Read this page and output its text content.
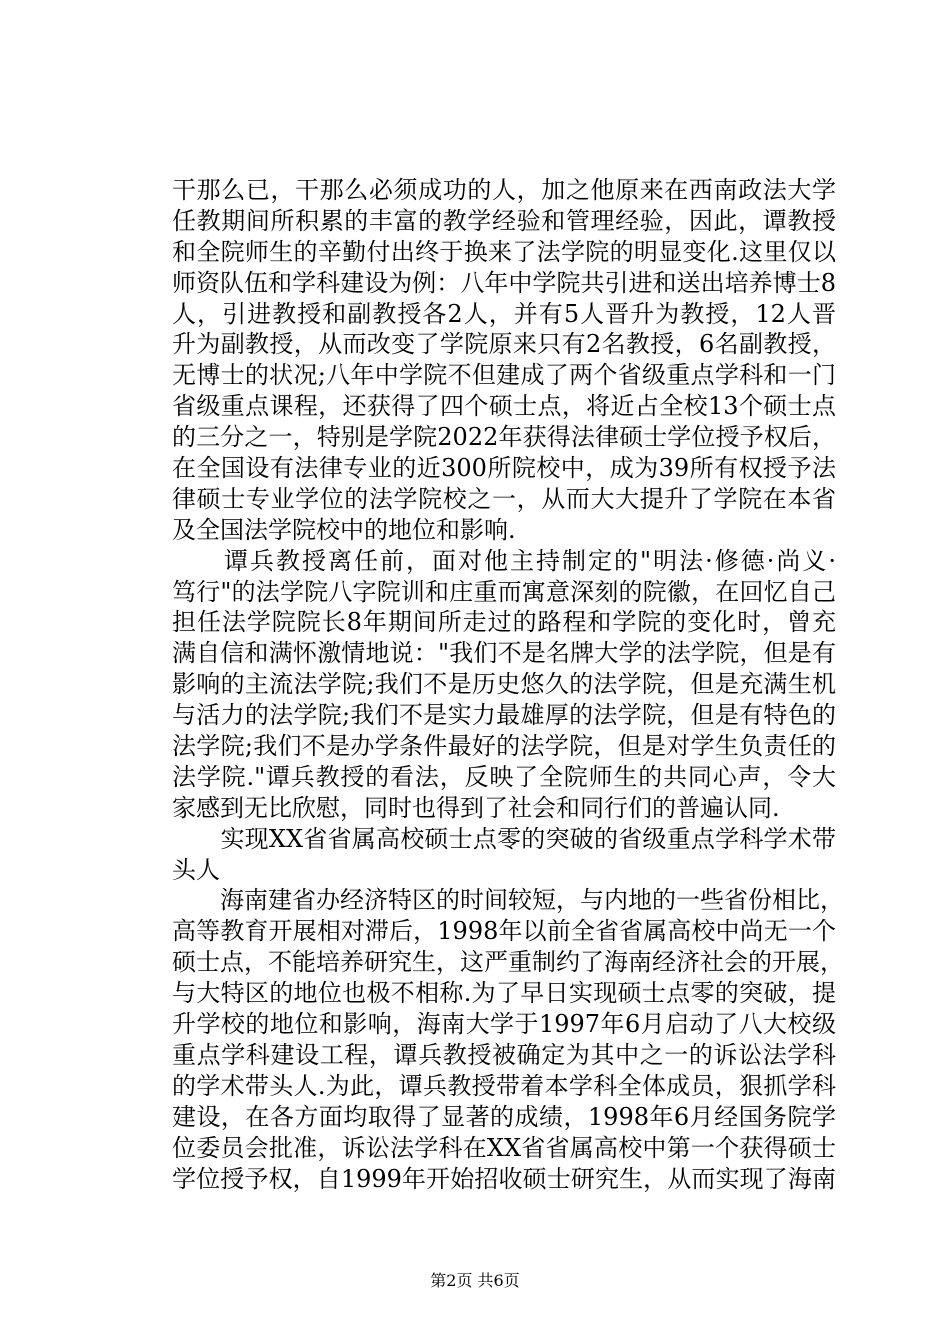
干那么已，干那么必须成功的人，加之他原来在西南政法大学
任教期间所积累的丰富的教学经验和管理经验，因此，谭教授
和全院师生的辛勤付出终于换来了法学院的明显变化.这里仅以
师资队伍和学科建设为例：八年中学院共引进和送出培养博士8
人，引进教授和副教授各2人，并有5人晋升为教授，12人晋
升为副教授，从而改变了学院原来只有2名教授，6名副教授，
无博士的状况;八年中学院不但建成了两个省级重点学科和一门
省级重点课程，还获得了四个硕士点，将近占全校13个硕士点
的三分之一，特别是学院2022年获得法律硕士学位授予权后，
在全国设有法律专业的近300所院校中，成为39所有权授予法
律硕士专业学位的法学院校之一，从而大大提升了学院在本省
及全国法学院校中的地位和影响.
　　谭兵教授离任前，面对他主持制定的"明法·修德·尚义·
笃行"的法学院八字院训和庄重而寓意深刻的院徽，在回忆自己
担任法学院院长8年期间所走过的路程和学院的变化时，曾充
满自信和满怀激情地说："我们不是名牌大学的法学院，但是有
影响的主流法学院;我们不是历史悠久的法学院，但是充满生机
与活力的法学院;我们不是实力最雄厚的法学院，但是有特色的
法学院;我们不是办学条件最好的法学院，但是对学生负责任的
法学院."谭兵教授的看法，反映了全院师生的共同心声，令大
家感到无比欣慰，同时也得到了社会和同行们的普遍认同.
　　实现XX省省属高校硕士点零的突破的省级重点学科学术带
头人
　　海南建省办经济特区的时间较短，与内地的一些省份相比，
高等教育开展相对滞后，1998年以前全省省属高校中尚无一个
硕士点，不能培养研究生，这严重制约了海南经济社会的开展，
与大特区的地位也极不相称.为了早日实现硕士点零的突破，提
升学校的地位和影响，海南大学于1997年6月启动了八大校级
重点学科建设工程，谭兵教授被确定为其中之一的诉讼法学科
的学术带头人.为此，谭兵教授带着本学科全体成员，狠抓学科
建设，在各方面均取得了显著的成绩，1998年6月经国务院学
位委员会批准，诉讼法学科在XX省省属高校中第一个获得硕士
学位授予权，自1999年开始招收硕士研究生，从而实现了海南
第2页 共6页
